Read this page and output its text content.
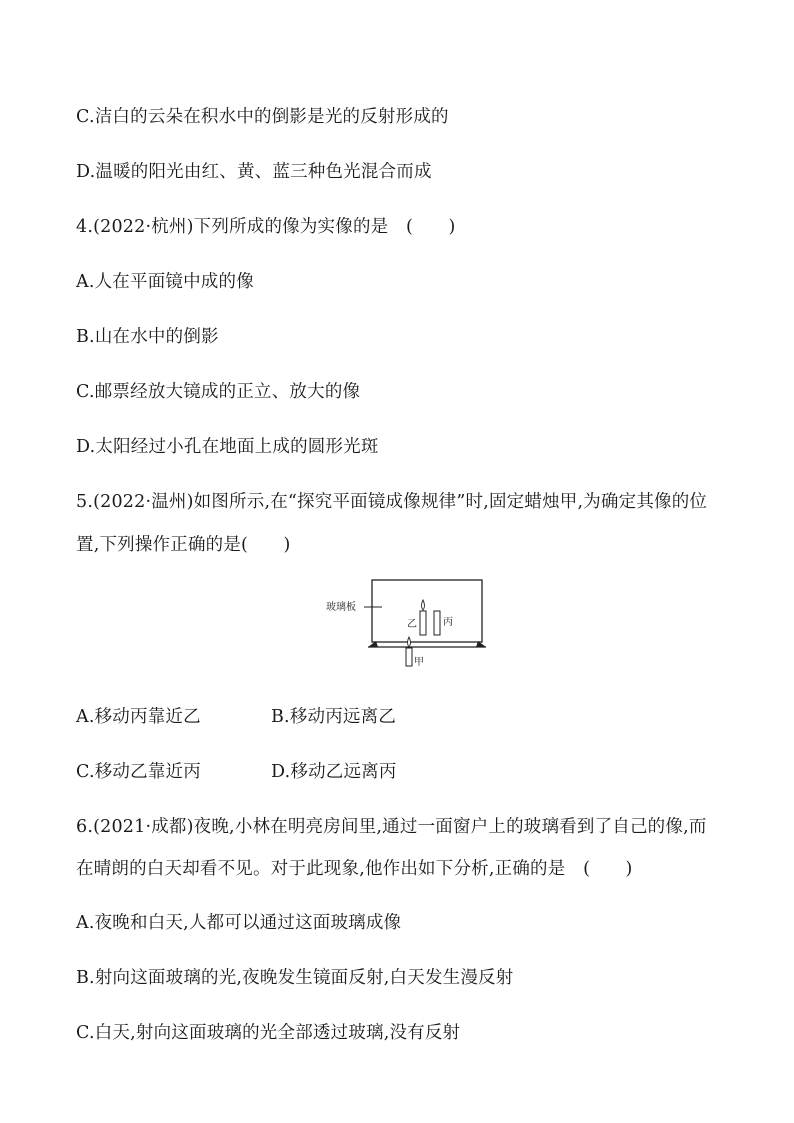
C.洁白的云朵在积水中的倒影是光的反射形成的
D.温暖的阳光由红、黄、蓝三种色光混合而成
4.(2022·杭州)下列所成的像为实像的是　(　　)
A.人在平面镜中成的像
B.山在水中的倒影
C.邮票经放大镜成的正立、放大的像
D.太阳经过小孔在地面上成的圆形光斑
5.(2022·温州)如图所示,在“探究平面镜成像规律”时,固定蜡烛甲,为确定其像的位
置,下列操作正确的是(　　)
玻璃板
乙	丙
甲
A.移动丙靠近乙	B.移动丙远离乙
C.移动乙靠近丙	D.移动乙远离丙
6.(2021·成都)夜晚,小林在明亮房间里,通过一面窗户上的玻璃看到了自己的像,而
在晴朗的白天却看不见。对于此现象,他作出如下分析,正确的是　(　　)
A.夜晚和白天,人都可以通过这面玻璃成像
B.射向这面玻璃的光,夜晚发生镜面反射,白天发生漫反射
C.白天,射向这面玻璃的光全部透过玻璃,没有反射
